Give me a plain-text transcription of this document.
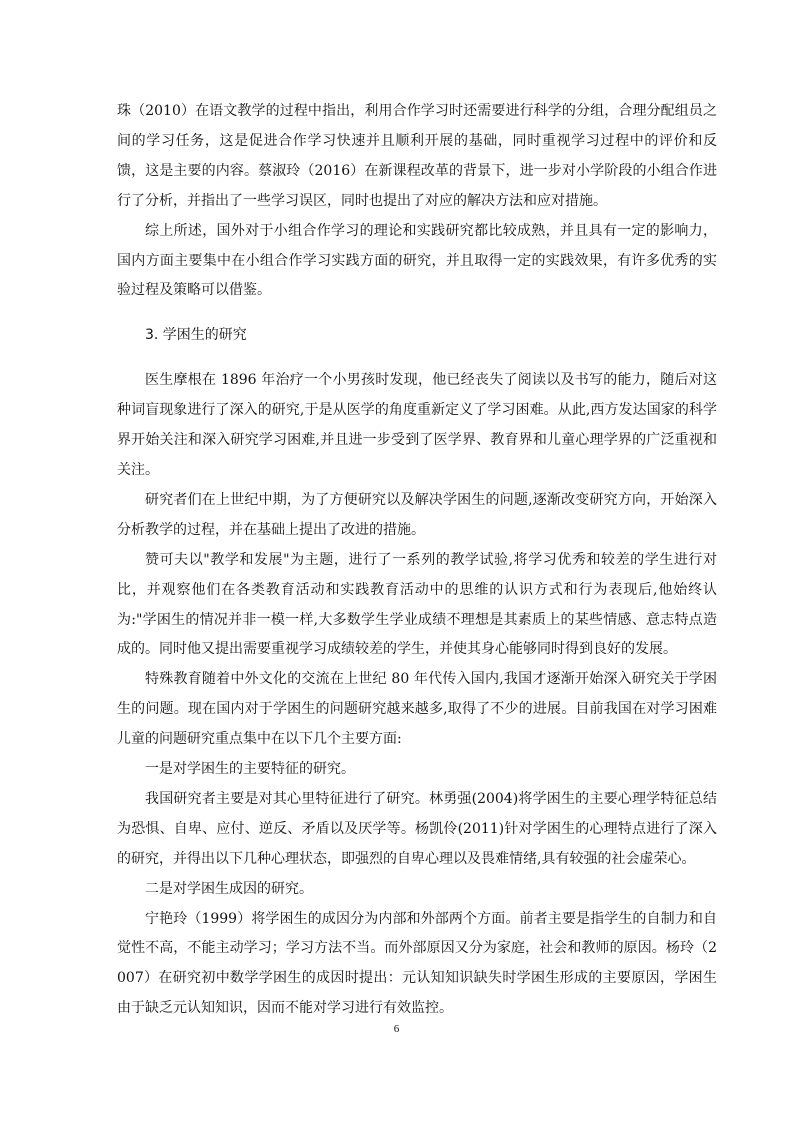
珠（2010）在语文教学的过程中指出，利用合作学习时还需要进行科学的分组，合理分配组员之间的学习任务，这是促进合作学习快速并且顺利开展的基础，同时重视学习过程中的评价和反馈，这是主要的内容。蔡淑玲（2016）在新课程改革的背景下，进一步对小学阶段的小组合作进行了分析，并指出了一些学习误区，同时也提出了对应的解决方法和应对措施。

综上所述，国外对于小组合作学习的理论和实践研究都比较成熟，并且具有一定的影响力，国内方面主要集中在小组合作学习实践方面的研究，并且取得一定的实践效果，有许多优秀的实验过程及策略可以借鉴。

3. 学困生的研究

医生摩根在 1896 年治疗一个小男孩时发现，他已经丧失了阅读以及书写的能力，随后对这种词盲现象进行了深入的研究,于是从医学的角度重新定义了学习困难。从此,西方发达国家的科学界开始关注和深入研究学习困难,并且进一步受到了医学界、教育界和儿童心理学界的广泛重视和关注。

研究者们在上世纪中期，为了方便研究以及解决学困生的问题,逐渐改变研究方向，开始深入分析教学的过程，并在基础上提出了改进的措施。

赞可夫以"教学和发展"为主题，进行了一系列的教学试验,将学习优秀和较差的学生进行对比，并观察他们在各类教育活动和实践教育活动中的思维的认识方式和行为表现后,他始终认为:"学困生的情况并非一模一样,大多数学生学业成绩不理想是其素质上的某些情感、意志特点造成的。同时他又提出需要重视学习成绩较差的学生，并使其身心能够同时得到良好的发展。

特殊教育随着中外文化的交流在上世纪 80 年代传入国内,我国才逐渐开始深入研究关于学困生的问题。现在国内对于学困生的问题研究越来越多,取得了不少的进展。目前我国在对学习困难儿童的问题研究重点集中在以下几个主要方面:

一是对学困生的主要特征的研究。

我国研究者主要是对其心里特征进行了研究。林勇强(2004)将学困生的主要心理学特征总结为恐惧、自卑、应付、逆反、矛盾以及厌学等。杨凯伶(2011)针对学困生的心理特点进行了深入的研究，并得出以下几种心理状态，即强烈的自卑心理以及畏难情绪,具有较强的社会虚荣心。

二是对学困生成因的研究。

宁艳玲（1999）将学困生的成因分为内部和外部两个方面。前者主要是指学生的自制力和自觉性不高，不能主动学习；学习方法不当。而外部原因又分为家庭，社会和教师的原因。杨玲（2007）在研究初中数学学困生的成因时提出：元认知知识缺失时学困生形成的主要原因，学困生由于缺乏元认知知识，因而不能对学习进行有效监控。

6
